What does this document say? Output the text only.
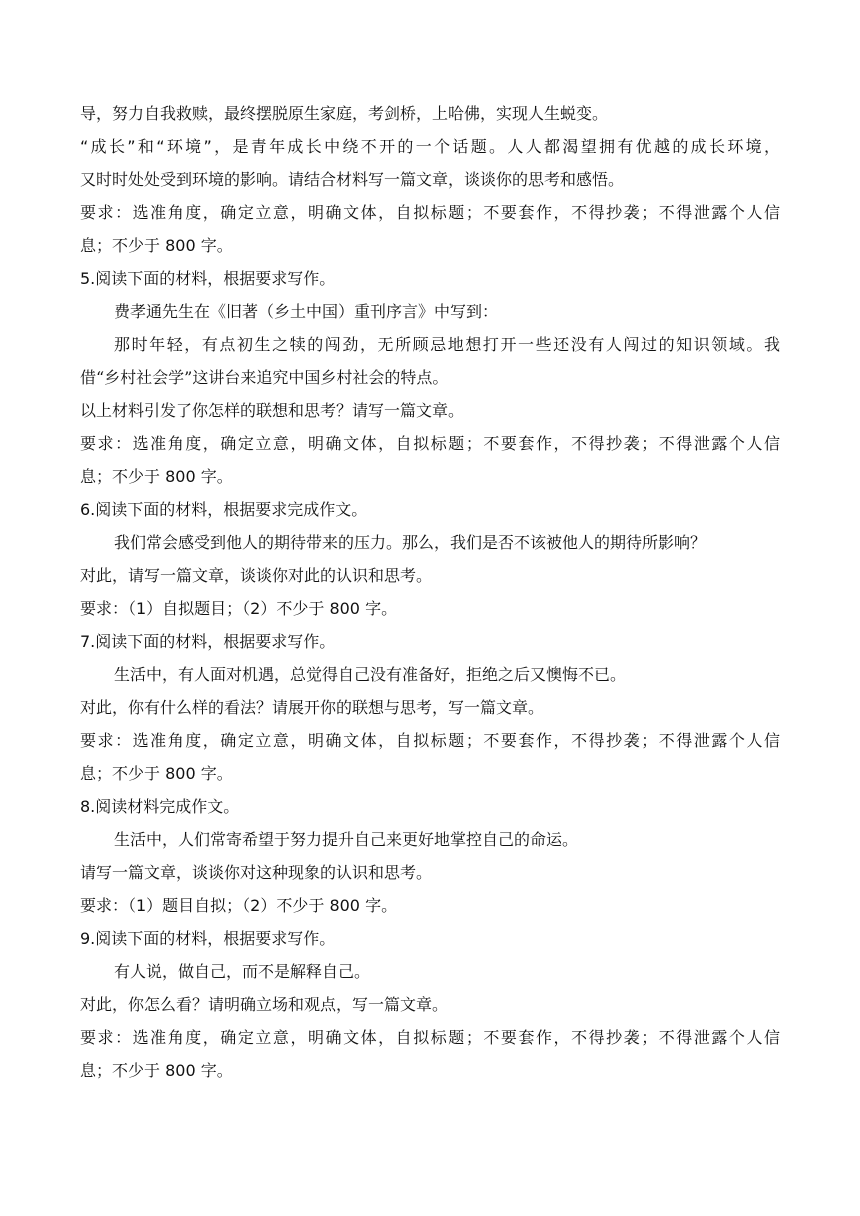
导，努力自我救赎，最终摆脱原生家庭，考剑桥，上哈佛，实现人生蜕变。
“成长”和“环境”，是青年成长中绕不开的一个话题。人人都渴望拥有优越的成长环境，
又时时处处受到环境的影响。请结合材料写一篇文章，谈谈你的思考和感悟。
要求：选准角度，确定立意，明确文体，自拟标题；不要套作，不得抄袭；不得泄露个人信
息；不少于 800 字。
5.阅读下面的材料，根据要求写作。
费孝通先生在《旧著（乡土中国）重刊序言》中写到：
那时年轻，有点初生之犊的闯劲，无所顾忌地想打开一些还没有人闯过的知识领域。我
借“乡村社会学”这讲台来追究中国乡村社会的特点。
以上材料引发了你怎样的联想和思考？请写一篇文章。
要求：选准角度，确定立意，明确文体，自拟标题；不要套作，不得抄袭；不得泄露个人信
息；不少于 800 字。
6.阅读下面的材料，根据要求完成作文。
我们常会感受到他人的期待带来的压力。那么，我们是否不该被他人的期待所影响？
对此，请写一篇文章，谈谈你对此的认识和思考。
要求：（1）自拟题目；（2）不少于 800 字。
7.阅读下面的材料，根据要求写作。
生活中，有人面对机遇，总觉得自己没有准备好，拒绝之后又懊悔不已。
对此，你有什么样的看法？请展开你的联想与思考，写一篇文章。
要求：选准角度，确定立意，明确文体，自拟标题；不要套作，不得抄袭；不得泄露个人信
息；不少于 800 字。
8.阅读材料完成作文。
生活中，人们常寄希望于努力提升自己来更好地掌控自己的命运。
请写一篇文章，谈谈你对这种现象的认识和思考。
要求：（1）题目自拟；（2）不少于 800 字。
9.阅读下面的材料，根据要求写作。
有人说，做自己，而不是解释自己。
对此，你怎么看？请明确立场和观点，写一篇文章。
要求：选准角度，确定立意，明确文体，自拟标题；不要套作，不得抄袭；不得泄露个人信
息；不少于 800 字。
